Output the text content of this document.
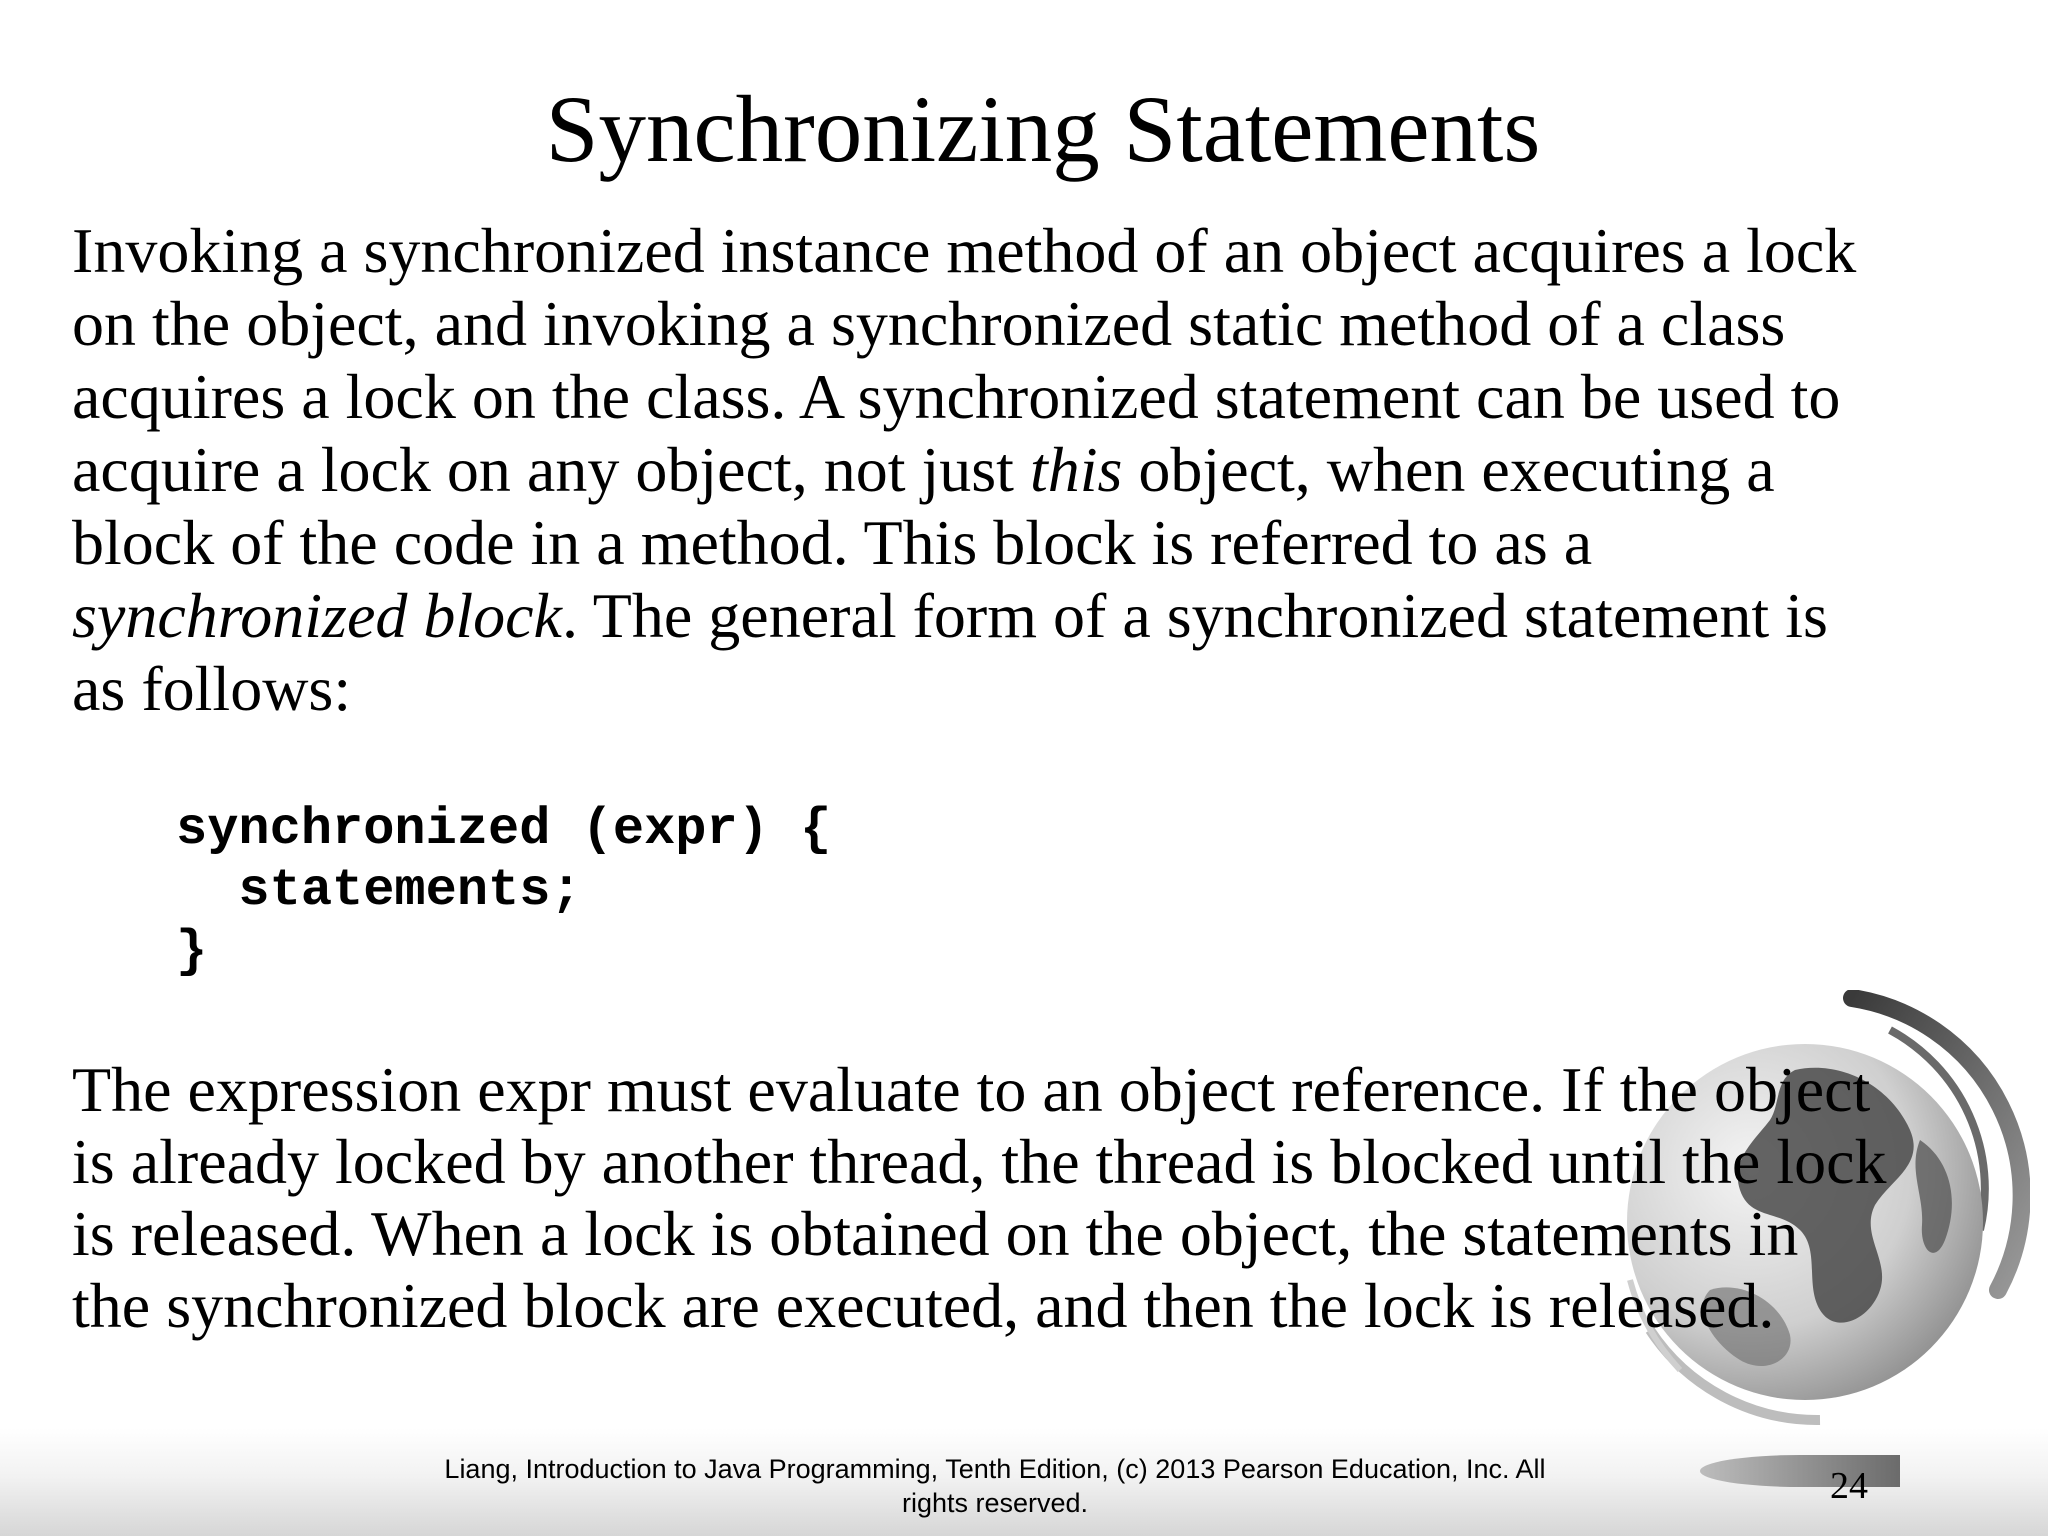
Synchronizing Statements
Invoking a synchronized instance method of an object acquires a lock
on the object, and invoking a synchronized static method of a class
acquires a lock on the class. A synchronized statement can be used to
acquire a lock on any object, not just this object, when executing a
block of the code in a method. This block is referred to as a
synchronized block. The general form of a synchronized statement is
as follows:
synchronized (expr) {
statements;
}
The expression expr must evaluate to an object reference. If the object
is already locked by another thread, the thread is blocked until the lock
is released. When a lock is obtained on the object, the statements in
the synchronized block are executed, and then the lock is released.
Liang, Introduction to Java Programming, Tenth Edition, (c) 2013 Pearson Education, Inc. All
rights reserved.	24
